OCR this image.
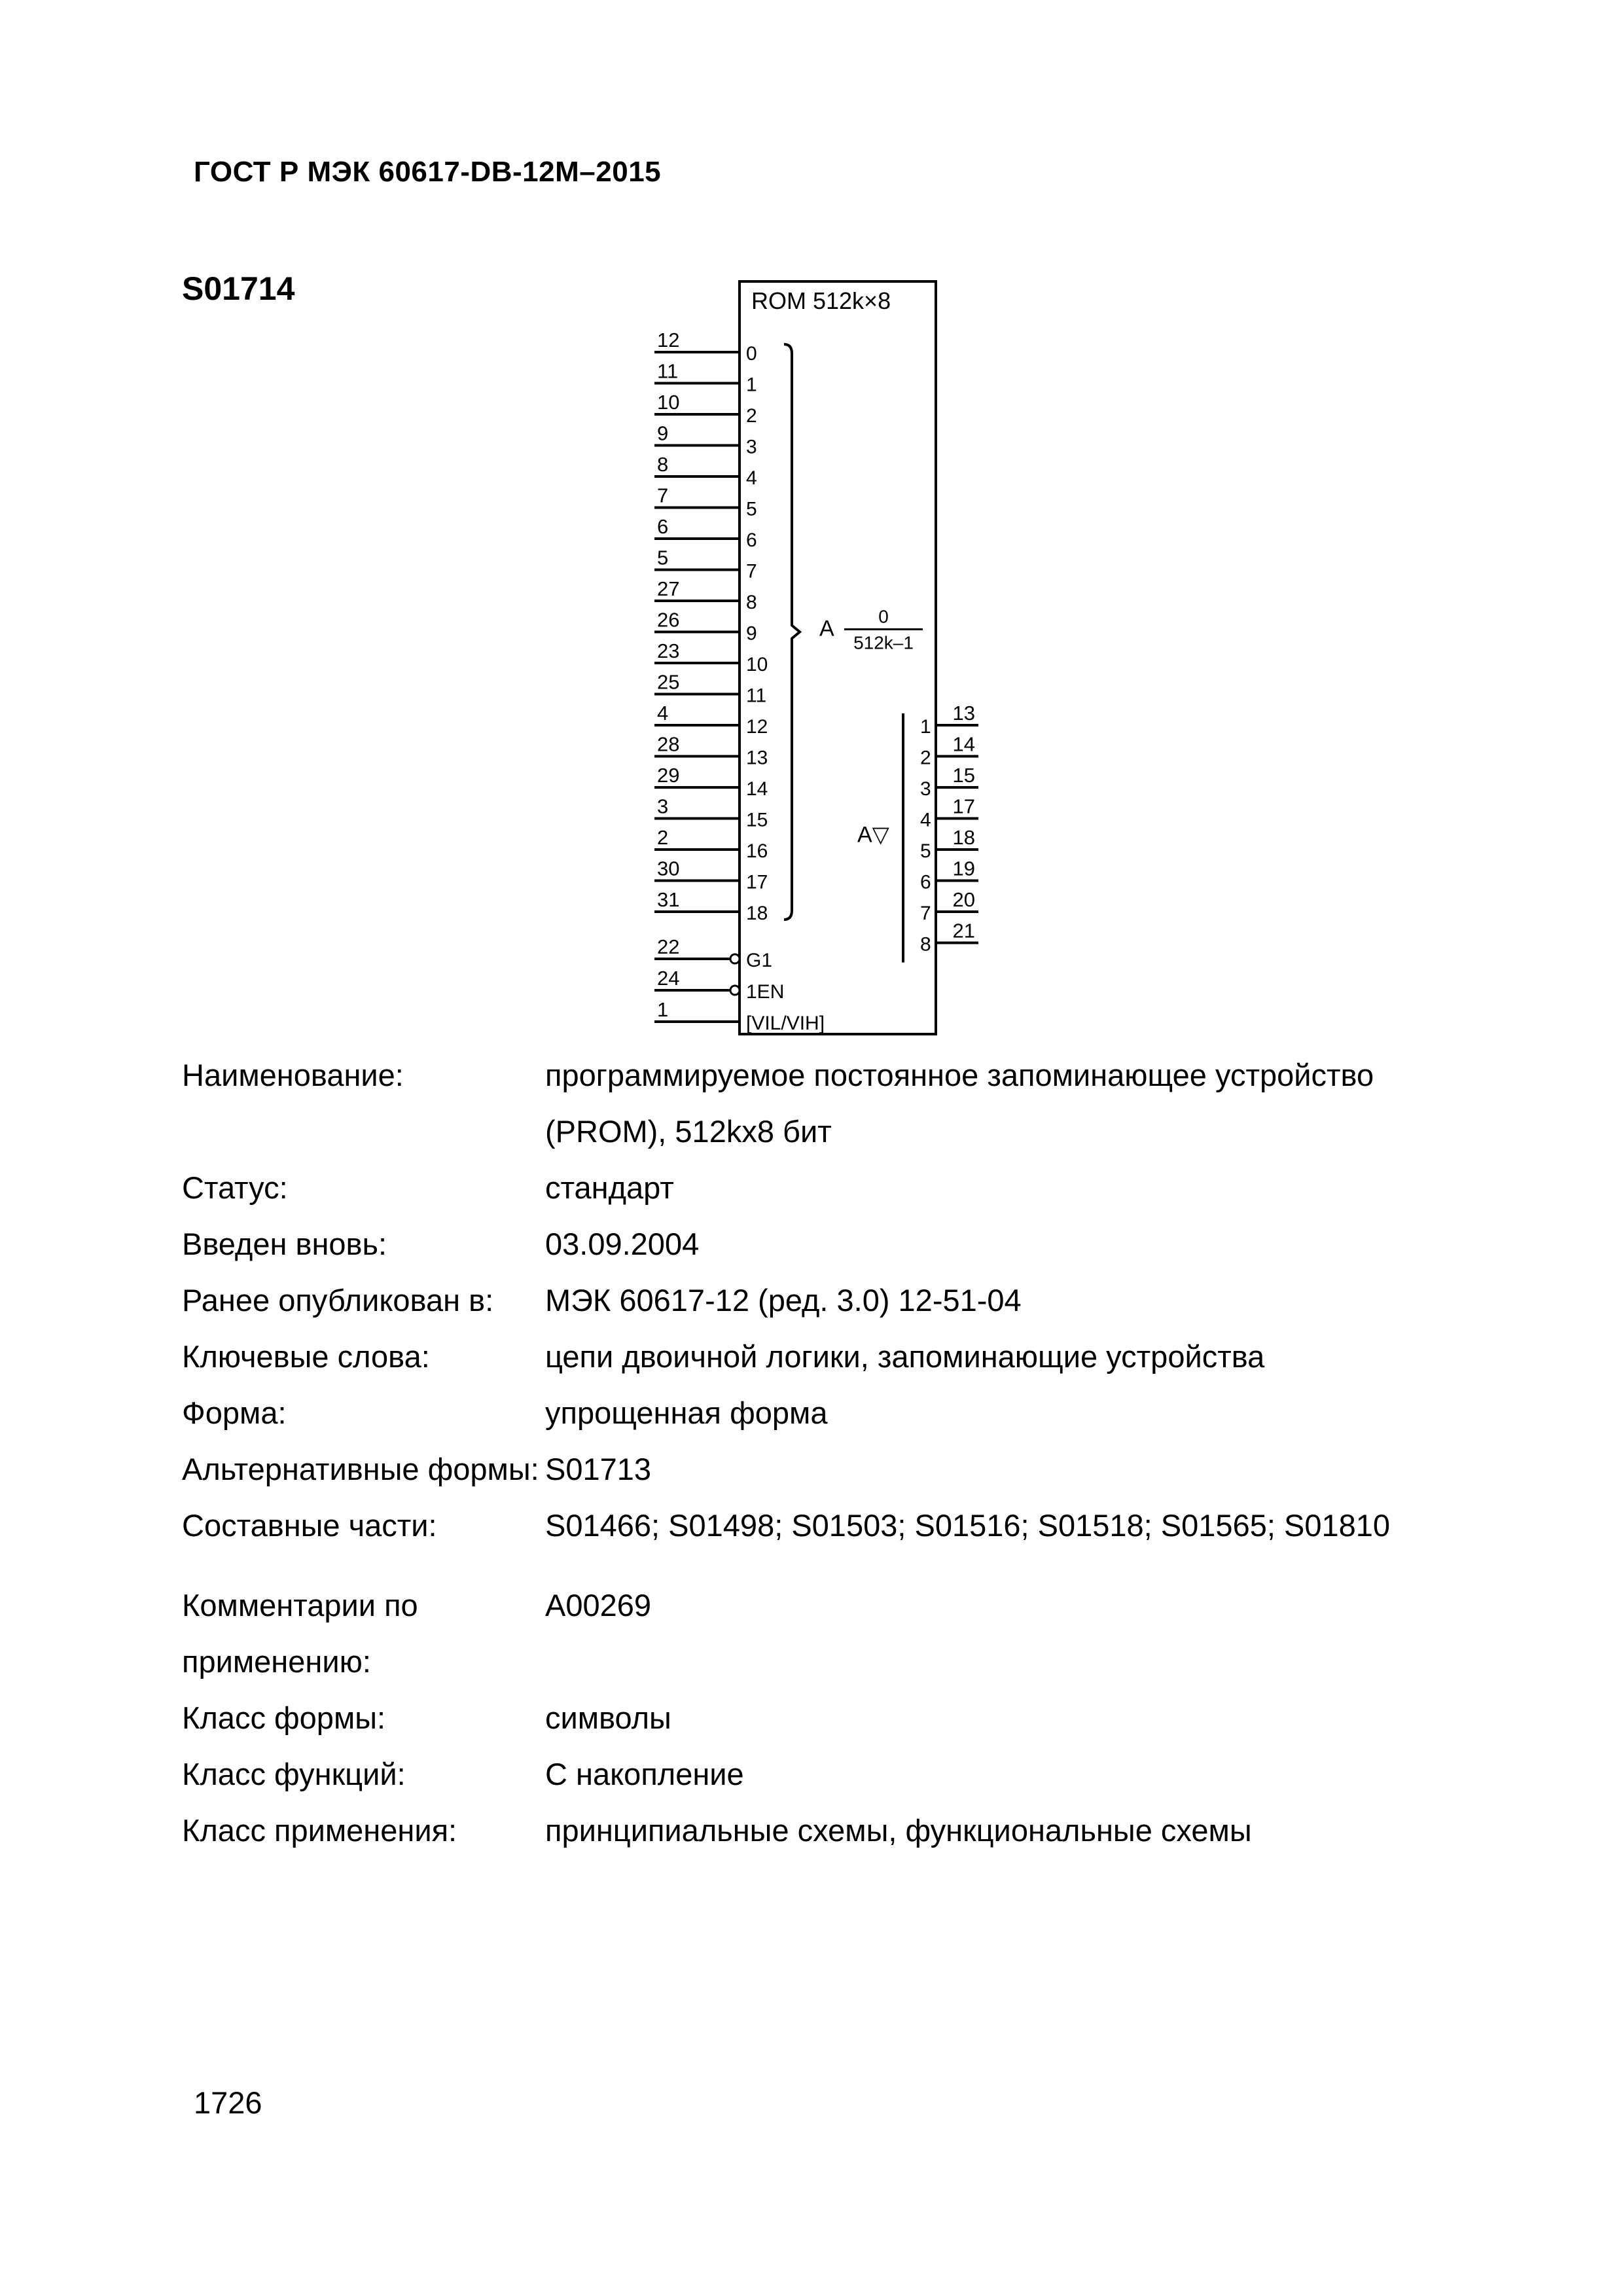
ГОСТ Р МЭК 60617-DB-12M–2015
S01714	ROM 512k×8
12
0
11
1
10
2
9
3
8
4
7
5
6
6
5
7
27
8
26
9
23
10
25
11
4
12
28
13
29
14
3
15
2
16
30
17
31
18
A 0
512k–1
22
G1
24
1EN
1
[VIL/VIH]
1
13
2
14
3
15
4
17
5
18
6
19
7
20
8
21
A▽
Наименование:	программируемое постоянное запоминающее устройство (PROM), 512kx8 бит
Статус:	стандарт
Введен вновь:	03.09.2004
Ранее опубликован в:	МЭК 60617-12 (ред. 3.0) 12-51-04
Ключевые слова:	цепи двоичной логики, запоминающие устройства
Форма:	упрощенная форма
Альтернативные формы: S01713
Составные части:	S01466; S01498; S01503; S01516; S01518; S01565; S01810
Комментарии по применению:
A00269
Класс формы:	символы
Класс функций:	С накопление
Класс применения:	принципиальные схемы, функциональные схемы
1726
